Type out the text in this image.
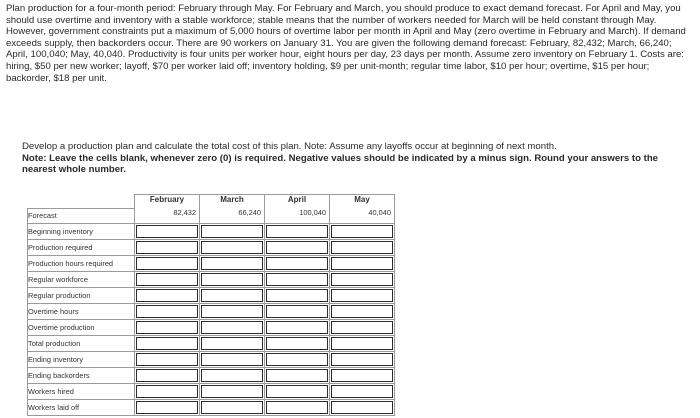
Plan production for a four-month period: February through May. For February and March, you should produce to exact demand forecast. For April and May, you should use overtime and inventory with a stable workforce; stable means that the number of workers needed for March will be held constant through May. However, government constraints put a maximum of 5,000 hours of overtime labor per month in April and May (zero overtime in February and March). If demand exceeds supply, then backorders occur. There are 90 workers on January 31. You are given the following demand forecast: February, 82,432; March, 66,240; April, 100,040; May, 40,040. Productivity is four units per worker hour, eight hours per day, 23 days per month. Assume zero inventory on February 1. Costs are: hiring, $50 per new worker; layoff, $70 per worker laid off; inventory holding, $9 per unit-month; regular time labor, $10 per hour; overtime, $15 per hour; backorder, $18 per unit.
Develop a production plan and calculate the total cost of this plan. Note: Assume any layoffs occur at beginning of next month.
Note: Leave the cells blank, whenever zero (0) is required. Negative values should be indicated by a minus sign. Round your answers to the nearest whole number.
	February	March	April	May
Forecast	82,432	66,240	100,040	40,040
Beginning inventory	

Production required	

Production hours required	

Regular workforce	

Regular production	

Overtime hours	

Overtime production	

Total production	

Ending inventory	

Ending backorders	

Workers hired	

Workers laid off	
